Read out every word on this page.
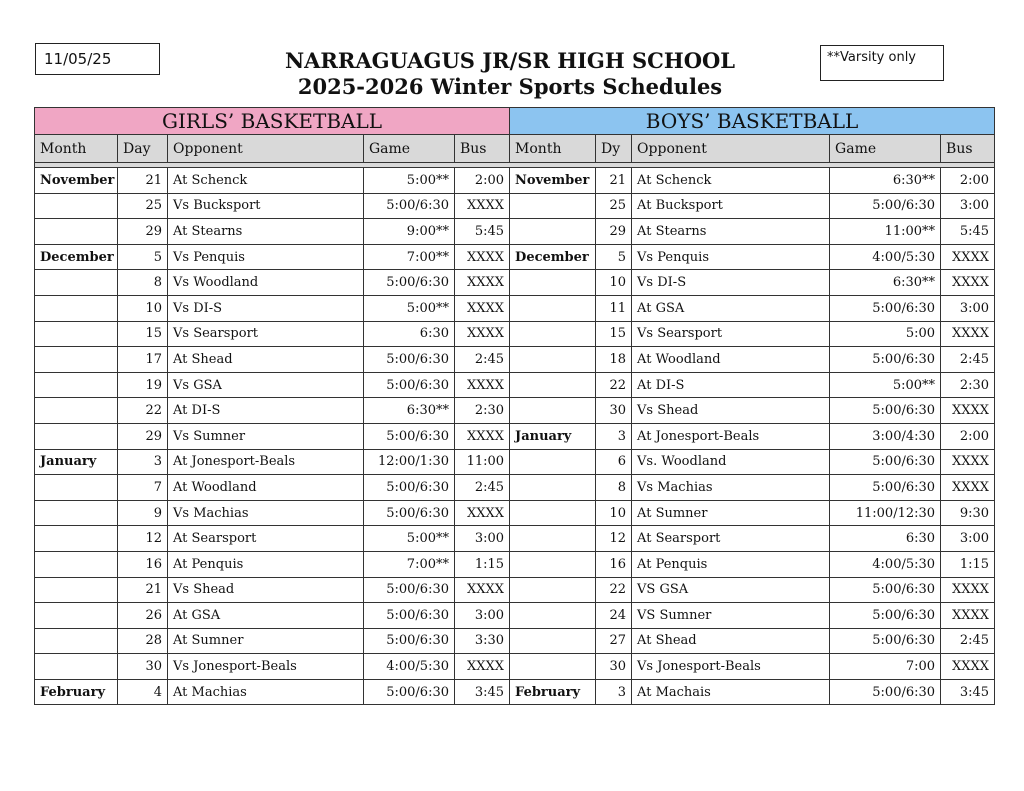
11/05/25	NARRAGUAGUS JR/SR HIGH SCHOOL
2025-2026 Winter Sports Schedules
**Varsity only
GIRLS’ BASKETBALL					BOYS’ BASKETBALL				
Month	Day	Opponent	Game	Bus	Month	Dy	Opponent	Game	Bus

November	21	At Schenck	5:00**	2:00	November	21	At Schenck	6:30**	2:00
	25	Vs Bucksport	5:00/6:30	XXXX		25	At Bucksport	5:00/6:30	3:00
	29	At Stearns	9:00**	5:45		29	At Stearns	11:00**	5:45
December	5	Vs Penquis	7:00**	XXXX	December	5	Vs Penquis	4:00/5:30	XXXX
	8	Vs Woodland	5:00/6:30	XXXX		10	Vs DI-S	6:30**	XXXX
	10	Vs DI-S	5:00**	XXXX		11	At GSA	5:00/6:30	3:00
	15	Vs Searsport	6:30	XXXX		15	Vs Searsport	5:00	XXXX
	17	At Shead	5:00/6:30	2:45		18	At Woodland	5:00/6:30	2:45
	19	Vs GSA	5:00/6:30	XXXX		22	At DI-S	5:00**	2:30
	22	At DI-S	6:30**	2:30		30	Vs Shead	5:00/6:30	XXXX
	29	Vs Sumner	5:00/6:30	XXXX	January	3	At Jonesport-Beals	3:00/4:30	2:00
January	3	At Jonesport-Beals	12:00/1:30	11:00		6	Vs. Woodland	5:00/6:30	XXXX
	7	At Woodland	5:00/6:30	2:45		8	Vs Machias	5:00/6:30	XXXX
	9	Vs Machias	5:00/6:30	XXXX		10	At Sumner	11:00/12:30	9:30
	12	At Searsport	5:00**	3:00		12	At Searsport	6:30	3:00
	16	At Penquis	7:00**	1:15		16	At Penquis	4:00/5:30	1:15
	21	Vs Shead	5:00/6:30	XXXX		22	VS GSA	5:00/6:30	XXXX
	26	At GSA	5:00/6:30	3:00		24	VS Sumner	5:00/6:30	XXXX
	28	At Sumner	5:00/6:30	3:30		27	At Shead	5:00/6:30	2:45
	30	Vs Jonesport-Beals	4:00/5:30	XXXX		30	Vs Jonesport-Beals	7:00	XXXX
February	4	At Machias	5:00/6:30	3:45	February	3	At Machais	5:00/6:30	3:45
